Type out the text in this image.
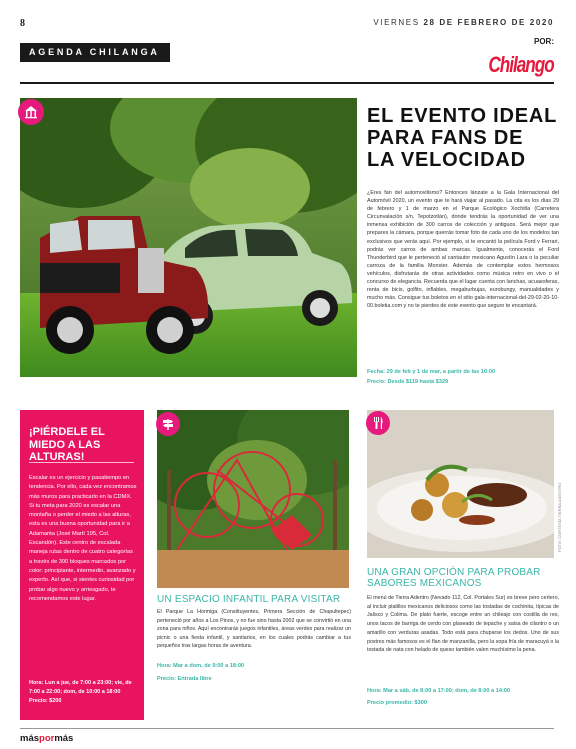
8	VIERNES 28 DE FEBRERO DE 2020
POR:
Chilango
AGENDA CHILANGA
EL EVENTO IDEAL PARA FANS DE LA VELOCIDAD
¿Eres fan del automovilismo? Entonces lánzate a la Gala Internacional del Automóvil 2020, un evento que te hará viajar al pasado. La cita es los días 29 de febrero y 1 de marzo en el Parque Ecológico Xochitla (Carretera Circunvalación s/n, Tepotzotlán), donde tendrás la oportunidad de ver una inmensa exhibición de 300 carros de colección y antiguos. Será mejor que prepares la cámara, porque querrás tomar foto de cada uno de los modelos tan exclusivos que verás aquí. Por ejemplo, si te encantó la película Ford v Ferrari, podrás ver carros de ambas marcas. Igualmente, conocerás el Ford Thunderbird que le perteneció al cantautor mexicano Agustín Lara o la peculiar carroza de la familia Monster. Además de contemplar estos hermosos vehículos, disfrutarás de otras actividades como música retro en vivo o el concurso de elegancia. Recuerda que el lugar cuenta con lanchas, acuaesferas, renta de bicis, golfito, inflables, megaburbujas, eurobungy, manualidades y mucho más. Consigue tus boletos en el sitio gala-internacional-del-29-02-20-10-00.boletia.com y no te pierdes de este evento que seguro te encantará.
Fecha: 29 de feb y 1 de mar, a partir de las 10:00
Precio: Desde $119 hasta $329
¡PIÉRDELE EL MIEDO A LAS ALTURAS!
Escalar es un ejercicio y pasatiempo en tendencia. Por ello, cada vez encontramos más muros para practicarlo en la CDMX. Si tu meta para 2020 es escalar una montaña o perder el miedo a las alturas, esta es una buena oportunidad para ir a Adamanta (José Martí 195, Col. Escandón). Este centro de escalada maneja rutas dentro de cuatro categorías a través de 300 bloques marcados por color: principiante, intermedio, avanzado y experto. Así que, si sientes curiosidad por probar algo nuevo y arriesgado, te recomendamos este lugar.
Hora: Lun a jue, de 7:00 a 23:00; vie, de 7:00 a 22:00; dom, de 10:00 a 18:00
Precio: $200
UN ESPACIO INFANTIL PARA VISITAR
El Parque La Hormiga (Constituyentes, Primera Sección de Chapultepec) perteneció por años a Los Pinos, y no fue sino hasta 2002 que se convirtió en una zona para niños. Aquí encontrarás juegos infantiles, áreas verdes para realizar un picnic o una fiesta infantil, y sanitarios, en los cuales podrás cambiar a tus pequeños tras largas horas de aventura.
Hora: Mar a dom, de 9:00 a 18:00
Precio: Entrada libre
FOTO: CORTESÍA TIERRA ADENTRO
UNA GRAN OPCIÓN PARA PROBAR SABORES MEXICANOS
El menú de Tierra Adentro (Nevado 112, Col. Portales Sur) es breve pero certero, al incluir platillos mexicanos deliciosos como las tostadas de cochinita, típicas de Jalisco y Colima. De plato fuerte, escoge entre un chileajo con costilla de res, unos tacos de barriga de cerdo con glaseado de tepache y salsa de cilantro o un amarillo con verduras asadas. Todo está para chuparse los dedos. Uno de sus postres más famosos es el flan de manzanilla, pero la sopa fría de maracuyá o la tostada de nata con helado de queso también valen muchísimo la pena.
Hora: Mar a sáb, de 8:00 a 17:00; dom, de 8:00 a 14:00
Precio promedio: $300
máspormás
